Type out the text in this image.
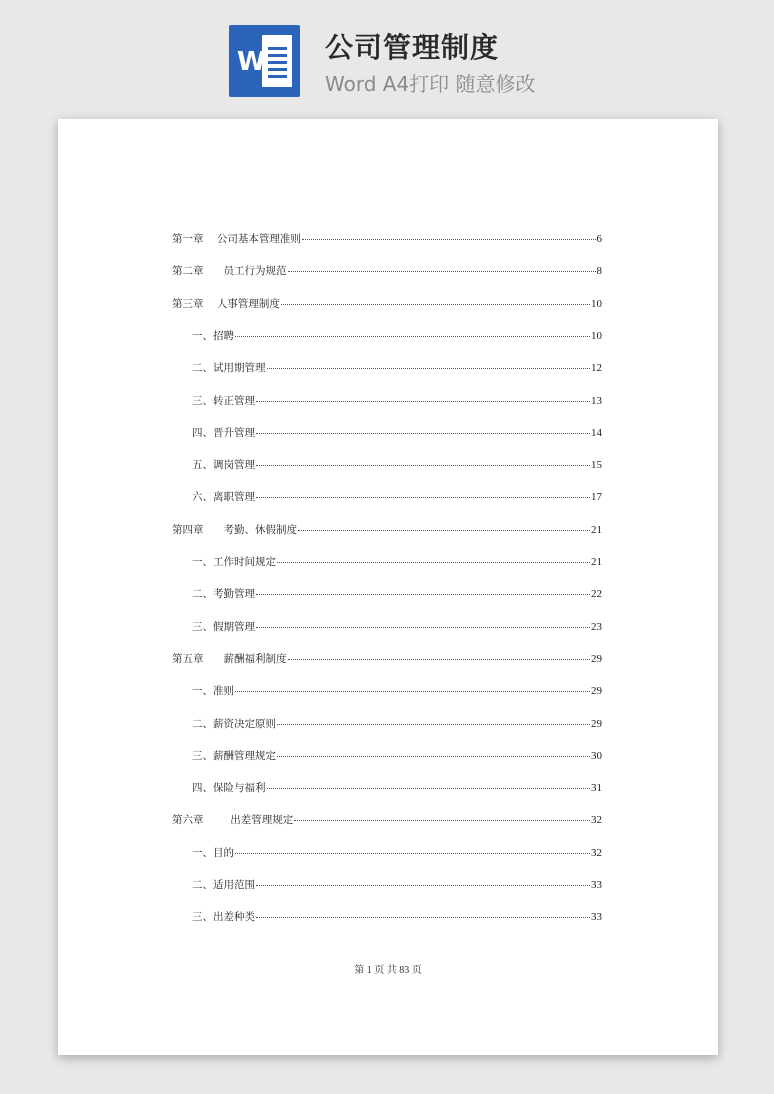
W 公司管理制度
Word A4打印 随意修改
第一章    公司基本管理准则	6
第二章      员工行为规范	8
第三章    人事管理制度	10
一、招聘	10
二、试用期管理	12
三、转正管理	13
四、晋升管理	14
五、调岗管理	15
六、离职管理	17
第四章      考勤、休假制度	21
一、工作时间规定	21
二、考勤管理	22
三、假期管理	23
第五章      薪酬福利制度	29
一、准则	29
二、薪资决定原则	29
三、薪酬管理规定	30
四、保险与福利	31
第六章        出差管理规定	32
一、目的	32
二、适用范围	33
三、出差种类	33
第 1 页 共 83 页
